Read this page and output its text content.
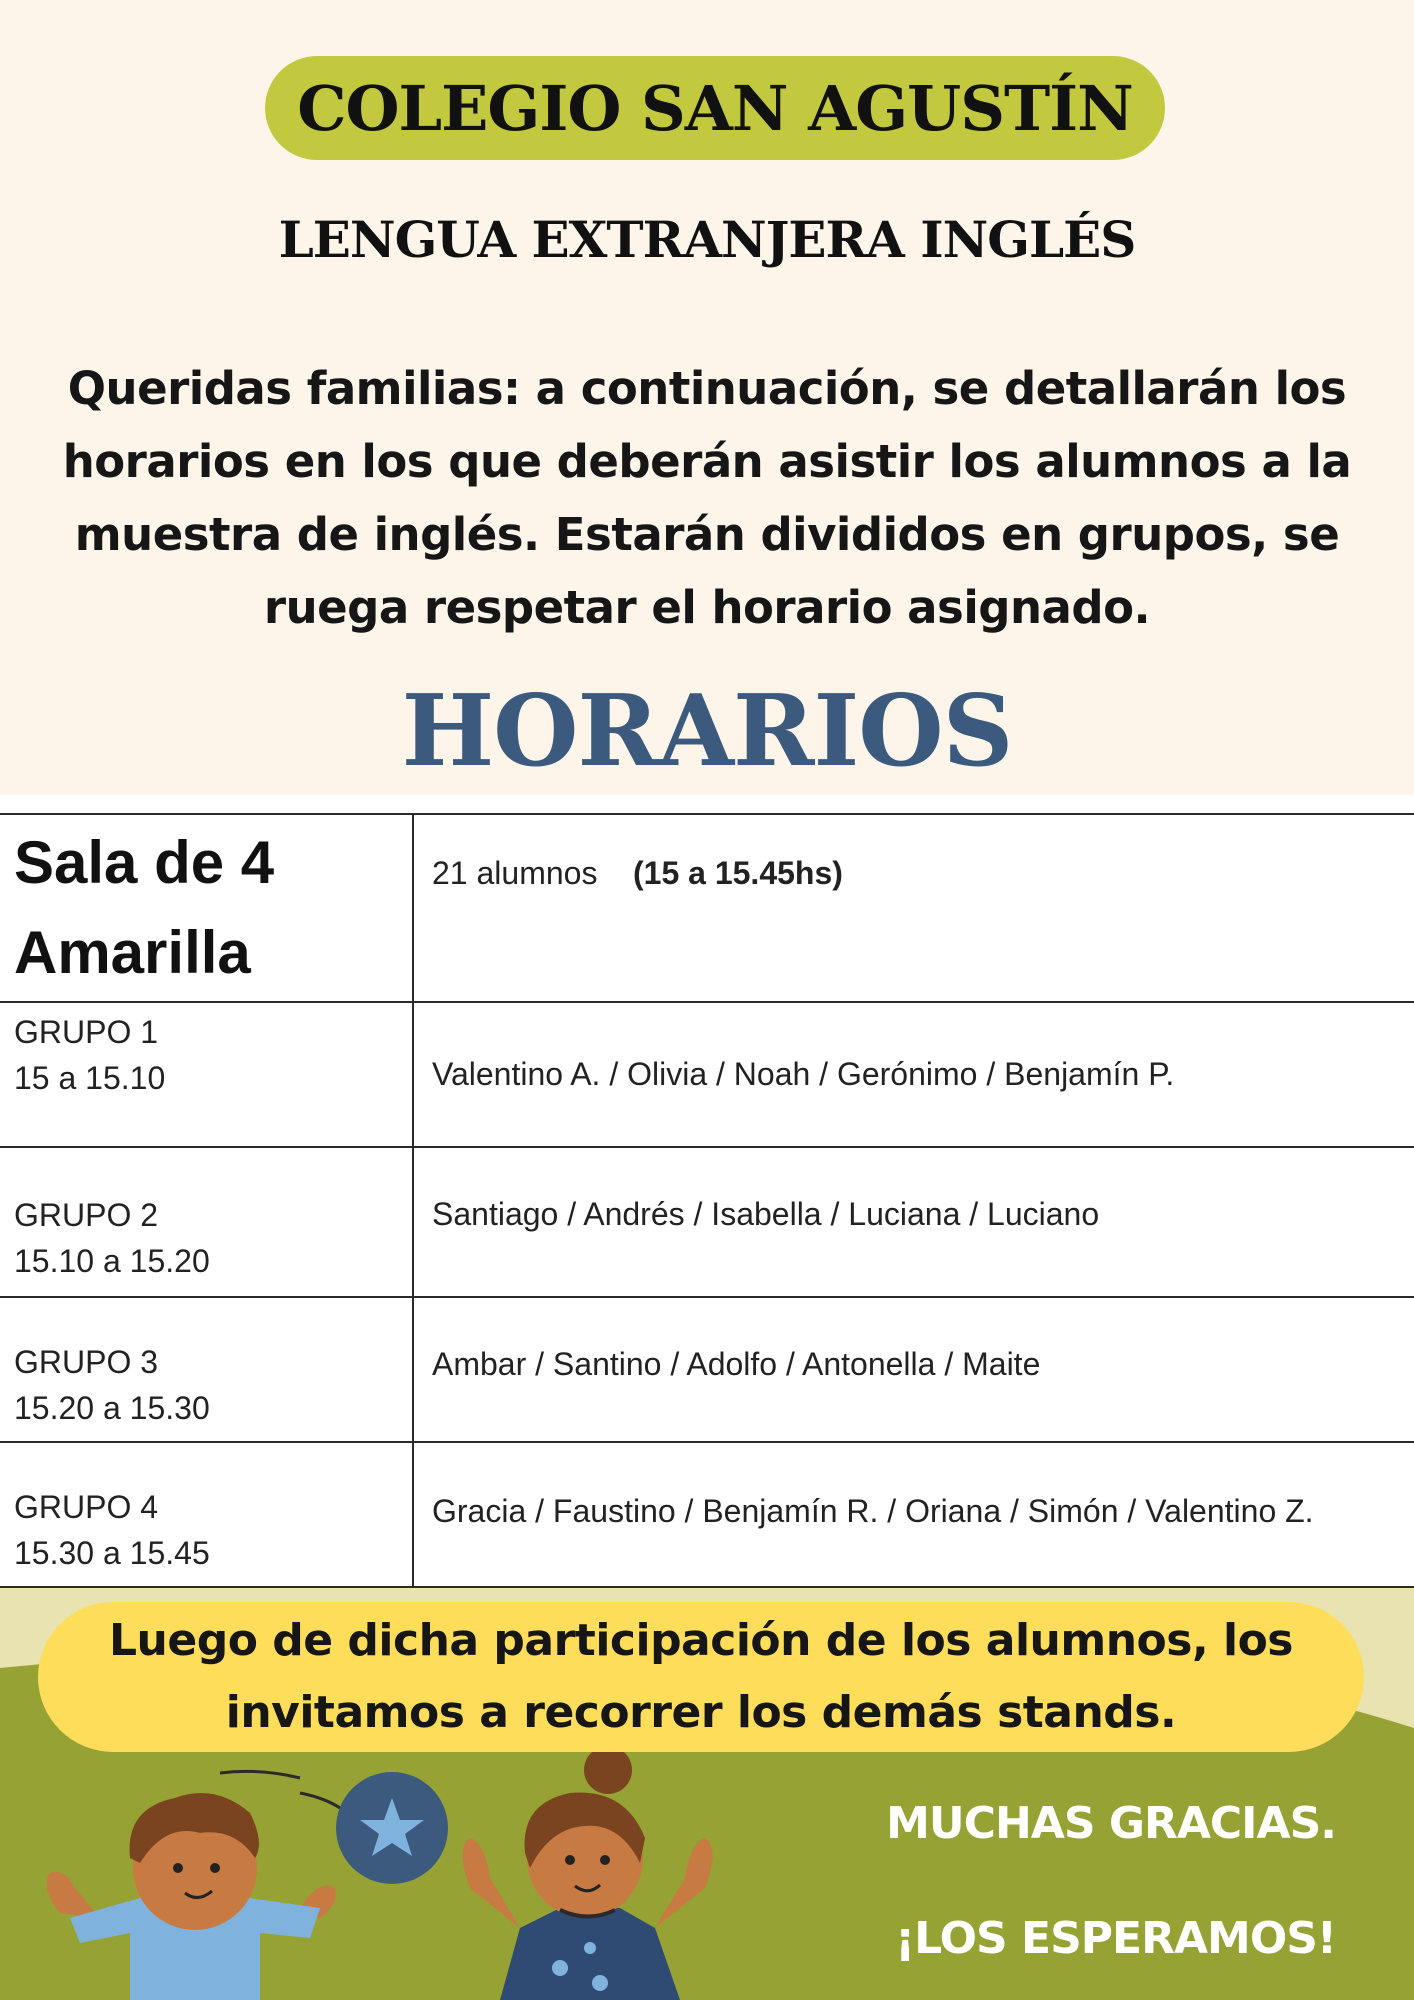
COLEGIO SAN AGUSTÍN
LENGUA EXTRANJERA INGLÉS
Queridas familias: a continuación, se detallarán los horarios en los que deberán asistir los alumnos a la muestra de inglés. Estarán divididos en grupos, se ruega respetar el horario asignado.
HORARIOS
Sala de 4
Amarilla	21 alumnos (15 a 15.45hs)

GRUPO 1
15 a 15.10	Valentino A. / Olivia / Noah / Gerónimo / Benjamín P.

GRUPO 2
15.10 a 15.20	Santiago / Andrés / Isabella / Luciana / Luciano

GRUPO 3
15.20 a 15.30	Ambar / Santino / Adolfo / Antonella / Maite

GRUPO 4
15.30 a 15.45	Gracia / Faustino / Benjamín R. / Oriana / Simón / Valentino Z.
Luego de dicha participación de los alumnos, los invitamos a recorrer los demás stands.
MUCHAS GRACIAS.
¡LOS ESPERAMOS!
